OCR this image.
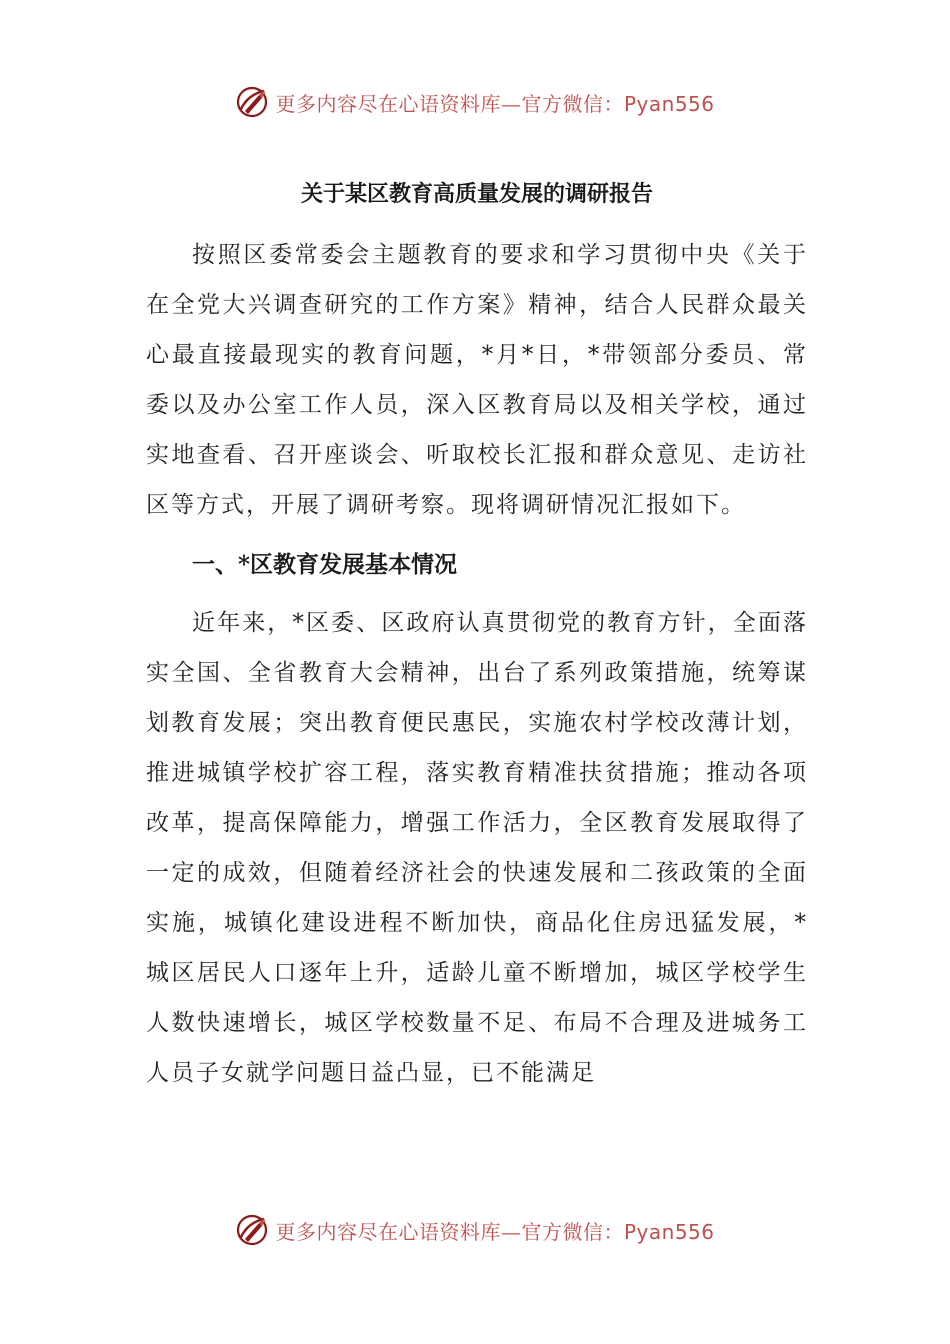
更多内容尽在心语资料库—官方微信：Pyan556
关于某区教育高质量发展的调研报告

按照区委常委会主题教育的要求和学习贯彻中央《关于在全党大兴调查研究的工作方案》精神，结合人民群众最关心最直接最现实的教育问题，*月*日，*带领部分委员、常委以及办公室工作人员，深入区教育局以及相关学校，通过实地查看、召开座谈会、听取校长汇报和群众意见、走访社区等方式，开展了调研考察。现将调研情况汇报如下。

一、*区教育发展基本情况

近年来，*区委、区政府认真贯彻党的教育方针，全面落实全国、全省教育大会精神，出台了系列政策措施，统筹谋划教育发展；突出教育便民惠民，实施农村学校改薄计划，推进城镇学校扩容工程，落实教育精准扶贫措施；推动各项改革，提高保障能力，增强工作活力，全区教育发展取得了一定的成效，但随着经济社会的快速发展和二孩政策的全面实施，城镇化建设进程不断加快，商品化住房迅猛发展，*城区居民人口逐年上升，适龄儿童不断增加，城区学校学生人数快速增长，城区学校数量不足、布局不合理及进城务工人员子女就学问题日益凸显，已不能满足

更多内容尽在心语资料库—官方微信：Pyan556
